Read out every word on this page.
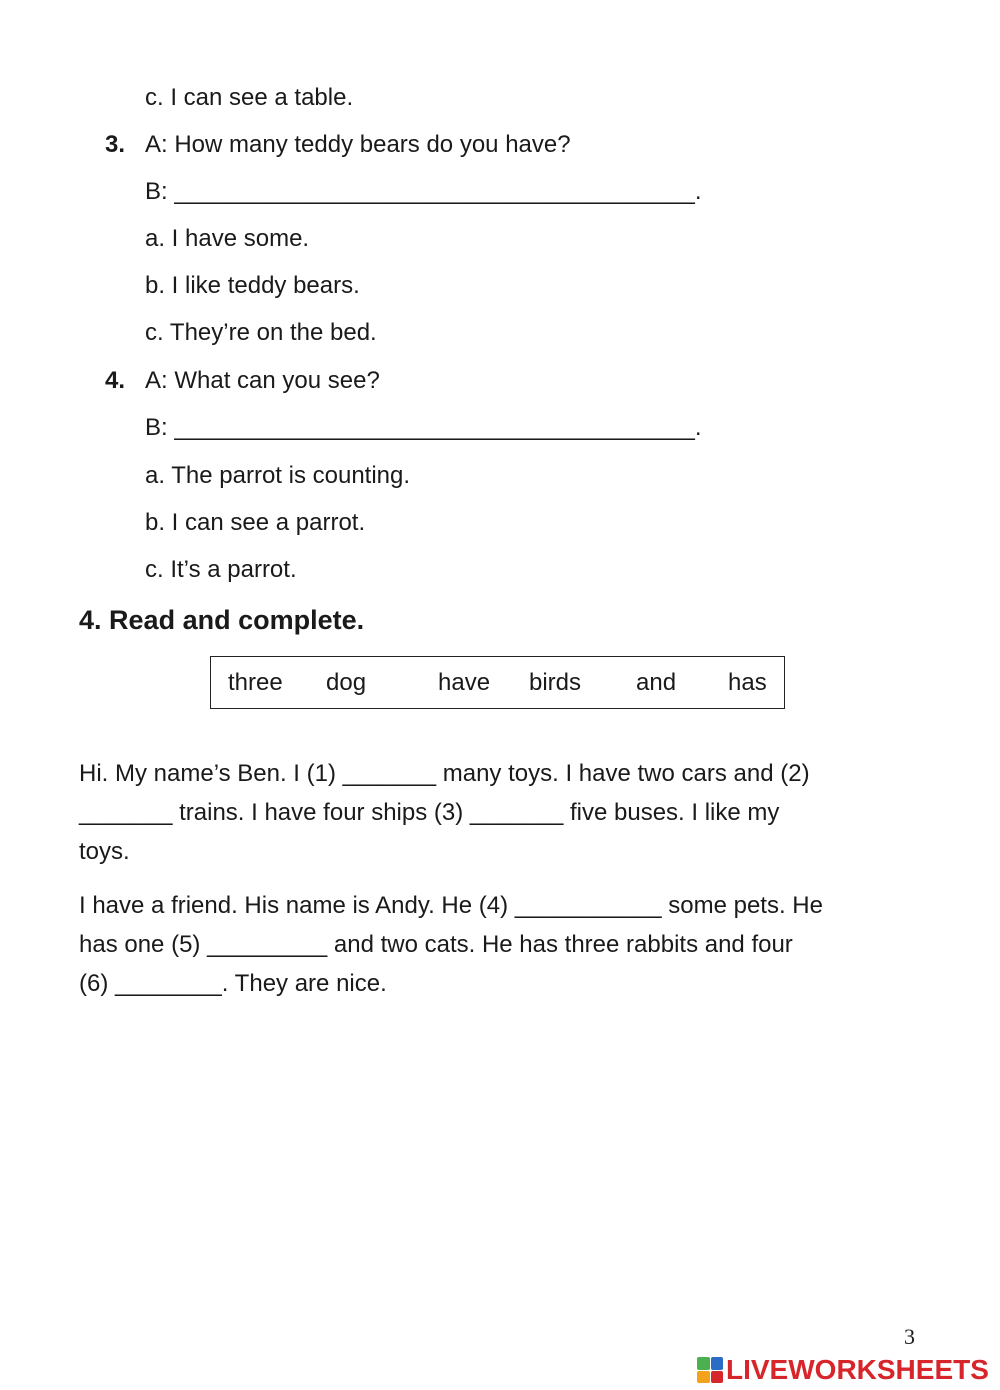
c. I can see a table.
3. A: How many teddy bears do you have?
B: _______________________________________.
a. I have some.
b. I like teddy bears.
c. They’re on the bed.
4. A: What can you see?
B: _______________________________________.
a. The parrot is counting.
b. I can see a parrot.
c. It’s a parrot.
4. Read and complete.
three dog	have birds and has
Hi. My name’s Ben. I (1) _______ many toys. I have two cars and (2)
_______ trains. I have four ships (3) _______ five buses. I like my
toys.
I have a friend. His name is Andy. He (4) ___________ some pets. He
has one (5) _________ and two cats. He has three rabbits and four
(6) ________. They are nice.
3
LIVEWORKSHEETS
